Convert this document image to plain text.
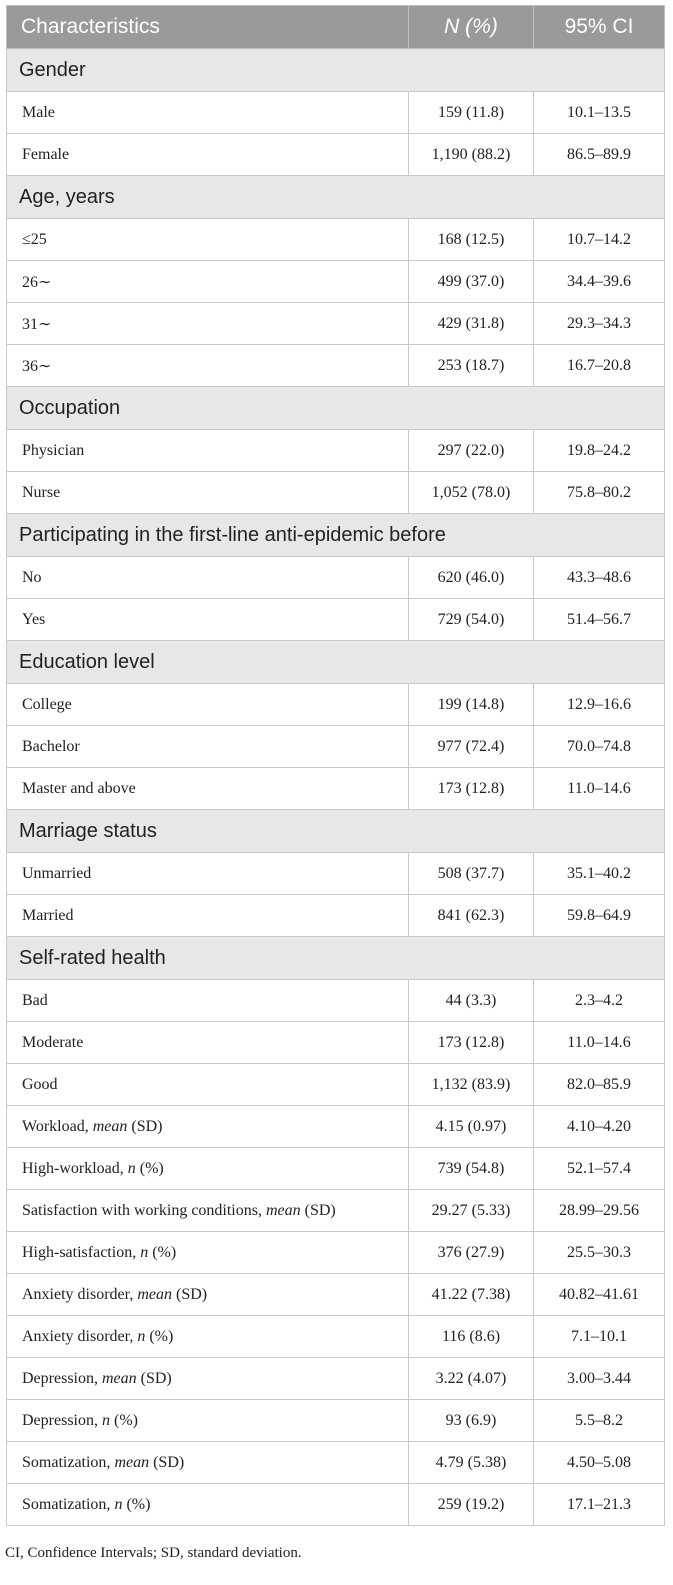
Characteristics	N (%)	95% CI
Gender		
Male	159 (11.8)	10.1–13.5
Female	1,190 (88.2)	86.5–89.9
Age, years		
≤25	168 (12.5)	10.7–14.2
26∼	499 (37.0)	34.4–39.6
31∼	429 (31.8)	29.3–34.3
36∼	253 (18.7)	16.7–20.8
Occupation		
Physician	297 (22.0)	19.8–24.2
Nurse	1,052 (78.0)	75.8–80.2
Participating in the first-line anti-epidemic before		
No	620 (46.0)	43.3–48.6
Yes	729 (54.0)	51.4–56.7
Education level		
College	199 (14.8)	12.9–16.6
Bachelor	977 (72.4)	70.0–74.8
Master and above	173 (12.8)	11.0–14.6
Marriage status		
Unmarried	508 (37.7)	35.1–40.2
Married	841 (62.3)	59.8–64.9
Self-rated health		
Bad	44 (3.3)	2.3–4.2
Moderate	173 (12.8)	11.0–14.6
Good	1,132 (83.9)	82.0–85.9
Workload, mean (SD)	4.15 (0.97)	4.10–4.20
High-workload, n (%)	739 (54.8)	52.1–57.4
Satisfaction with working conditions, mean (SD)	29.27 (5.33)	28.99–29.56
High-satisfaction, n (%)	376 (27.9)	25.5–30.3
Anxiety disorder, mean (SD)	41.22 (7.38)	40.82–41.61
Anxiety disorder, n (%)	116 (8.6)	7.1–10.1
Depression, mean (SD)	3.22 (4.07)	3.00–3.44
Depression, n (%)	93 (6.9)	5.5–8.2
Somatization, mean (SD)	4.79 (5.38)	4.50–5.08
Somatization, n (%)	259 (19.2)	17.1–21.3
CI, Confidence Intervals; SD, standard deviation.
